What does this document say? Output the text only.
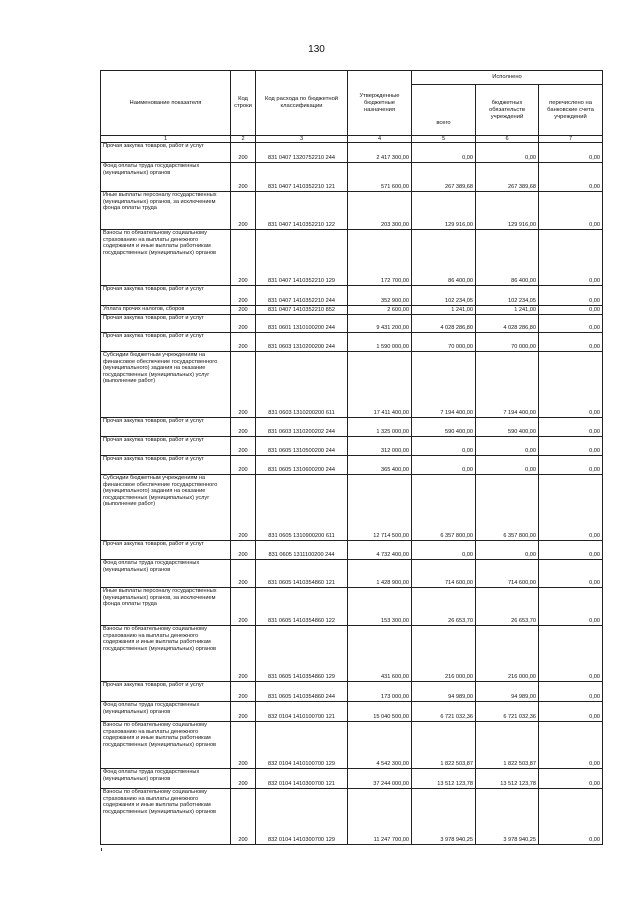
130
Наименование показателя	Код строки	Код расхода по бюджетной классификации	Утвержденные бюджетные назначения	Исполнено		
				всего	бюджетных обязательств учреждений	перечислено на банковские счета учреждений
1	2	3	4	5	6	7
Прочая закупка товаров, работ и услуг	200	831 0407 1320752210 244	2 417 300,00	0,00	0,00	0,00
Фонд оплаты труда государственных (муниципальных) органов	200	831 0407 1410352210 121	571 600,00	267 389,68	267 389,68	0,00
Иные выплаты персоналу государственных (муниципальных) органов, за исключением фонда оплаты труда	200	831 0407 1410352210 122	203 300,00	129 916,00	129 916,00	0,00
Взносы по обязательному социальному страхованию на выплаты денежного содержания и иные выплаты работникам государственных (муниципальных) органов	200	831 0407 1410352210 129	172 700,00	86 400,00	86 400,00	0,00
Прочая закупка товаров, работ и услуг	200	831 0407 1410352210 244	352 900,00	102 234,05	102 234,05	0,00
Уплата прочих налогов, сборов	200	831 0407 1410352210 852	2 600,00	1 241,00	1 241,00	0,00
Прочая закупка товаров, работ и услуг	200	831 0601 1310100200 244	9 431 200,00	4 028 286,80	4 028 286,80	0,00
Прочая закупка товаров, работ и услуг	200	831 0603 1310200200 244	1 590 000,00	70 000,00	70 000,00	0,00
Субсидии бюджетным учреждениям на финансовое обеспечение государственного (муниципального) задания на оказание государственных (муниципальных) услуг (выполнение работ)	200	831 0603 1310200200 611	17 411 400,00	7 194 400,00	7 194 400,00	0,00
Прочая закупка товаров, работ и услуг	200	831 0603 1310200202 244	1 325 000,00	590 400,00	590 400,00	0,00
Прочая закупка товаров, работ и услуг	200	831 0605 1310500200 244	312 000,00	0,00	0,00	0,00
Прочая закупка товаров, работ и услуг	200	831 0605 1310600200 244	365 400,00	0,00	0,00	0,00
Субсидии бюджетным учреждениям на финансовое обеспечение государственного (муниципального) задания на оказание государственных (муниципальных) услуг (выполнение работ)	200	831 0605 1310900200 611	12 714 500,00	6 357 800,00	6 357 800,00	0,00
Прочая закупка товаров, работ и услуг	200	831 0605 1311100200 244	4 732 400,00	0,00	0,00	0,00
Фонд оплаты труда государственных (муниципальных) органов	200	831 0605 1410354860 121	1 428 900,00	714 600,00	714 600,00	0,00
Иные выплаты персоналу государственных (муниципальных) органов, за исключением фонда оплаты труда	200	831 0605 1410354860 122	153 300,00	26 653,70	26 653,70	0,00
Взносы по обязательному социальному страхованию на выплаты денежного содержания и иные выплаты работникам государственных (муниципальных) органов	200	831 0605 1410354860 129	431 600,00	216 000,00	216 000,00	0,00
Прочая закупка товаров, работ и услуг	200	831 0605 1410354860 244	173 000,00	94 989,00	94 989,00	0,00
Фонд оплаты труда государственных (муниципальных) органов	200	832 0104 1410100700 121	15 040 500,00	6 721 032,36	6 721 032,36	0,00
Взносы по обязательному социальному страхованию на выплаты денежного содержания и иные выплаты работникам государственных (муниципальных) органов	200	832 0104 1410100700 129	4 542 300,00	1 822 503,87	1 822 503,87	0,00
Фонд оплаты труда государственных (муниципальных) органов	200	832 0104 1410300700 121	37 244 000,00	13 512 123,78	13 512 123,78	0,00
Взносы по обязательному социальному страхованию на выплаты денежного содержания и иные выплаты работникам государственных (муниципальных) органов	200	832 0104 1410300700 129	11 247 700,00	3 978 940,25	3 978 940,25	0,00
